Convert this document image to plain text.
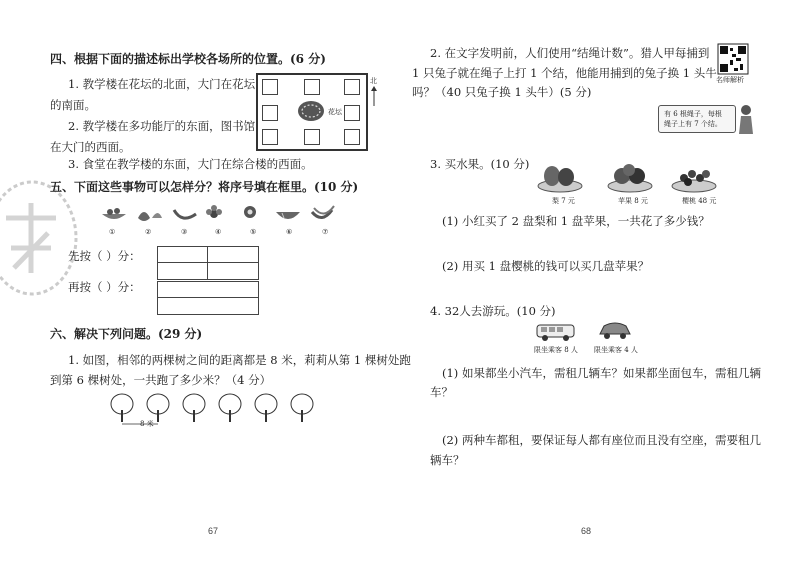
四、根据下面的描述标出学校各场所的位置。(6 分)
1. 教学楼在花坛的北面，大门在花坛
的南面。
2. 教学楼在多功能厅的东面，图书馆
在大门的西面。
3. 食堂在教学楼的东面，大门在综合楼的西面。
花坛
北
五、下面这些事物可以怎样分？将序号填在框里。(10 分)
①	②	③	④	⑤	⑥	⑦
先按（ ）分：
再按（ ）分：
六、解决下列问题。(29 分)
1. 如图，相邻的两棵树之间的距离都是 8 米，莉莉从第 1 棵树处跑
到第 6 棵树处，一共跑了多少米？（4 分）
8 米
67
2. 在文字发明前，人们使用“结绳计数”。猎人甲每捕到
1 只兔子就在绳子上打 1 个结，他能用捕到的兔子换 1 头牛
吗？（40 只兔子换 1 头牛）(5 分)
名师解析
有 6 根绳子，每根
绳子上有 7 个结。
3. 买水果。(10 分)
梨 7 元	苹果 8 元	樱桃 48 元
(1) 小红买了 2 盘梨和 1 盘苹果，一共花了多少钱？
(2) 用买 1 盘樱桃的钱可以买几盘苹果？
4. 32人去游玩。(10 分)
限坐乘客 8 人 限坐乘客 4 人
(1) 如果都坐小汽车，需租几辆车？如果都坐面包车，需租几辆
车？
(2) 两种车都租，要保证每人都有座位而且没有空座，需要租几
辆车？
68
